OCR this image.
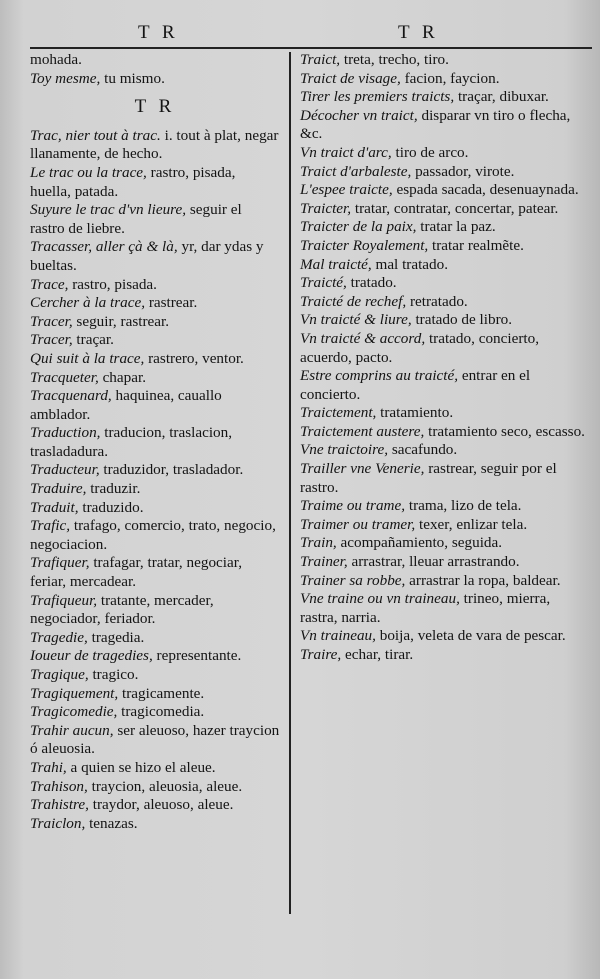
T R	T R

mohada.

Toy mesme, tu mismo.

T R

Trac, nier tout à trac. i. tout à plat, negar llanamente, de hecho.

Le trac ou la trace, rastro, pisada, huella, patada.

Suyure le trac d'vn lieure, seguir el rastro de liebre.

Tracasser, aller çà & là, yr, dar ydas y bueltas.

Trace, rastro, pisada.

Cercher à la trace, rastrear.

Tracer, seguir, rastrear.

Tracer, traçar.

Qui suit à la trace, rastrero, ventor.

Tracqueter, chapar.

Tracquenard, haquinea, cauallo amblador.

Traduction, traducion, traslacion, trasladadura.

Traducteur, traduzidor, trasladador.

Traduire, traduzir.

Traduit, traduzido.

Trafic, trafago, comercio, trato, negocio, negociacion.

Trafiquer, trafagar, tratar, negociar, feriar, mercadear.

Trafiqueur, tratante, mercader, negociador, feriador.

Tragedie, tragedia.

Ioueur de tragedies, representante.

Tragique, tragico.

Tragiquement, tragicamente.

Tragicomedie, tragicomedia.

Trahir aucun, ser aleuoso, hazer traycion ó aleuosia.

Trahi, a quien se hizo el aleue.

Trahison, traycion, aleuosia, aleue.

Trahistre, traydor, aleuoso, aleue.

Traiclon, tenazas.

Traict, treta, trecho, tiro.

Traict de visage, facion, faycion.

Tirer les premiers traicts, traçar, dibuxar.

Décocher vn traict, disparar vn tiro o flecha, &c.

Vn traict d'arc, tiro de arco.

Traict d'arbaleste, passador, virote.

L'espee traicte, espada sacada, desenuaynada.

Traicter, tratar, contratar, concertar, patear.

Traicter de la paix, tratar la paz.

Traicter Royalement, tratar realmẽte.

Mal traicté, mal tratado.

Traicté, tratado.

Traicté de rechef, retratado.

Vn traicté & liure, tratado de libro.

Vn traicté & accord, tratado, concierto, acuerdo, pacto.

Estre comprins au traicté, entrar en el concierto.

Traictement, tratamiento.

Traictement austere, tratamiento seco, escasso.

Vne traictoire, sacafundo.

Trailler vne Venerie, rastrear, seguir por el rastro.

Traime ou trame, trama, lizo de tela.

Traimer ou tramer, texer, enlizar tela.

Train, acompañamiento, seguida.

Trainer, arrastrar, lleuar arrastrando.

Trainer sa robbe, arrastrar la ropa, baldear.

Vne traine ou vn traineau, trineo, mierra, rastra, narria.

Vn traineau, boija, veleta de vara de pescar.

Traire, echar, tirar.
